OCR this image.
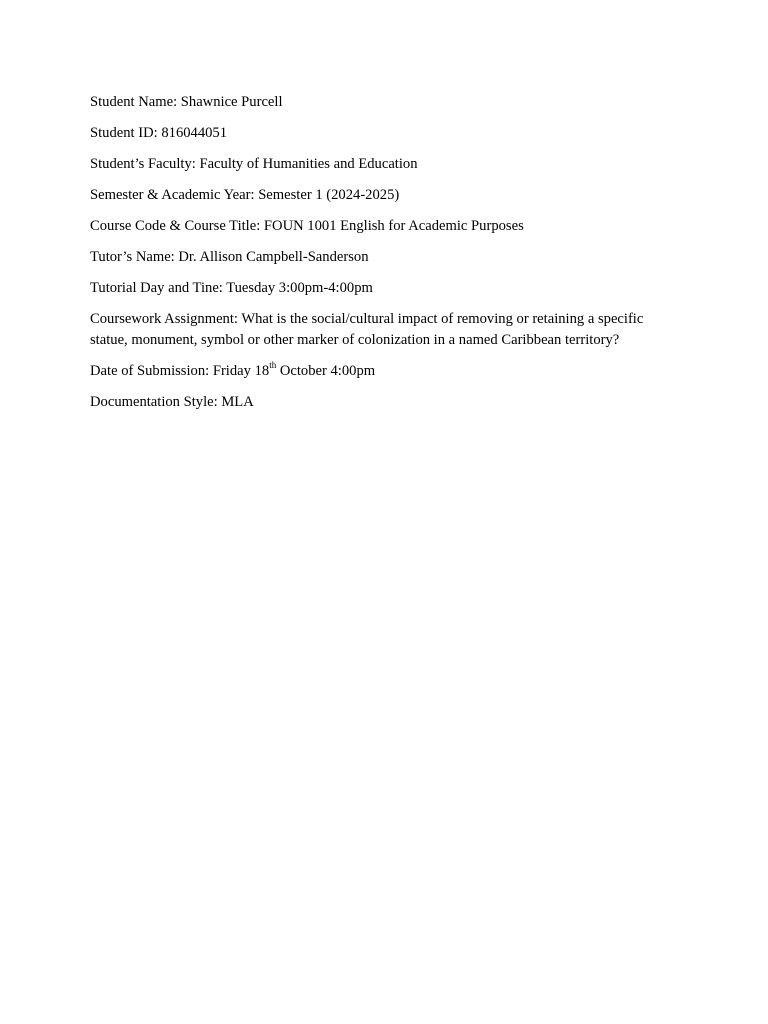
Student Name: Shawnice Purcell

Student ID: 816044051

Student’s Faculty: Faculty of Humanities and Education

Semester & Academic Year: Semester 1 (2024-2025)

Course Code & Course Title: FOUN 1001 English for Academic Purposes

Tutor’s Name: Dr. Allison Campbell-Sanderson

Tutorial Day and Tine: Tuesday 3:00pm-4:00pm

Coursework Assignment: What is the social/cultural impact of removing or retaining a specific statue, monument, symbol or other marker of colonization in a named Caribbean territory?

Date of Submission: Friday 18th October 4:00pm

Documentation Style: MLA
